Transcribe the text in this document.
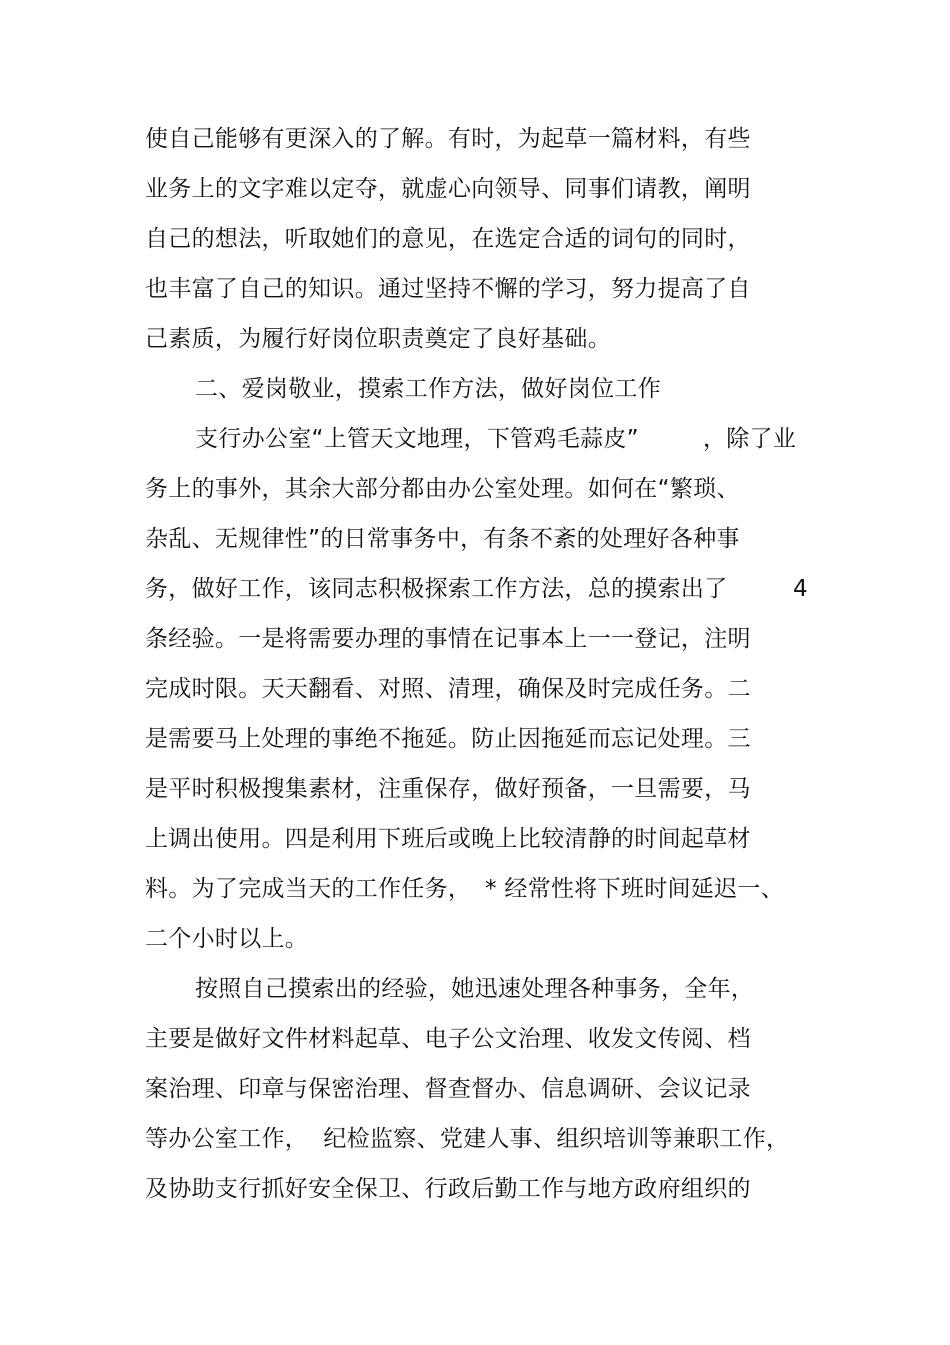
使自己能够有更深入的了解。有时，为起草一篇材料，有些
业务上的文字难以定夺，就虚心向领导、同事们请教，阐明
自己的想法，听取她们的意见，在选定合适的词句的同时，
也丰富了自己的知识。通过坚持不懈的学习，努力提高了自
己素质，为履行好岗位职责奠定了良好基础。
二、爱岗敬业，摸索工作方法，做好岗位工作

支行办公室“上管天文地理，下管鸡毛蒜皮”

	，除了业

务上的事外，其余大部分都由办公室处理。如何在“繁琐、
杂乱、无规律性”的日常事务中，有条不紊的处理好各种事

务，做好工作，该同志积极探索工作方法，总的摸索出了

	4

条经验。一是将需要办理的事情在记事本上一一登记，注明
完成时限。天天翻看、对照、清理，确保及时完成任务。二
是需要马上处理的事绝不拖延。防止因拖延而忘记处理。三
是平时积极搜集素材，注重保存，做好预备，一旦需要，马
上调出使用。四是利用下班后或晚上比较清静的时间起草材

料。为了完成当天的工作任务，

* 经常性将下班时间延迟一、

二个小时以上。
按照自己摸索出的经验，她迅速处理各种事务，全年，
主要是做好文件材料起草、电子公文治理、收发文传阅、档
案治理、印章与保密治理、督查督办、信息调研、会议记录
等办公室工作，  纪检监察、党建人事、组织培训等兼职工作，
及协助支行抓好安全保卫、行政后勤工作与地方政府组织的
